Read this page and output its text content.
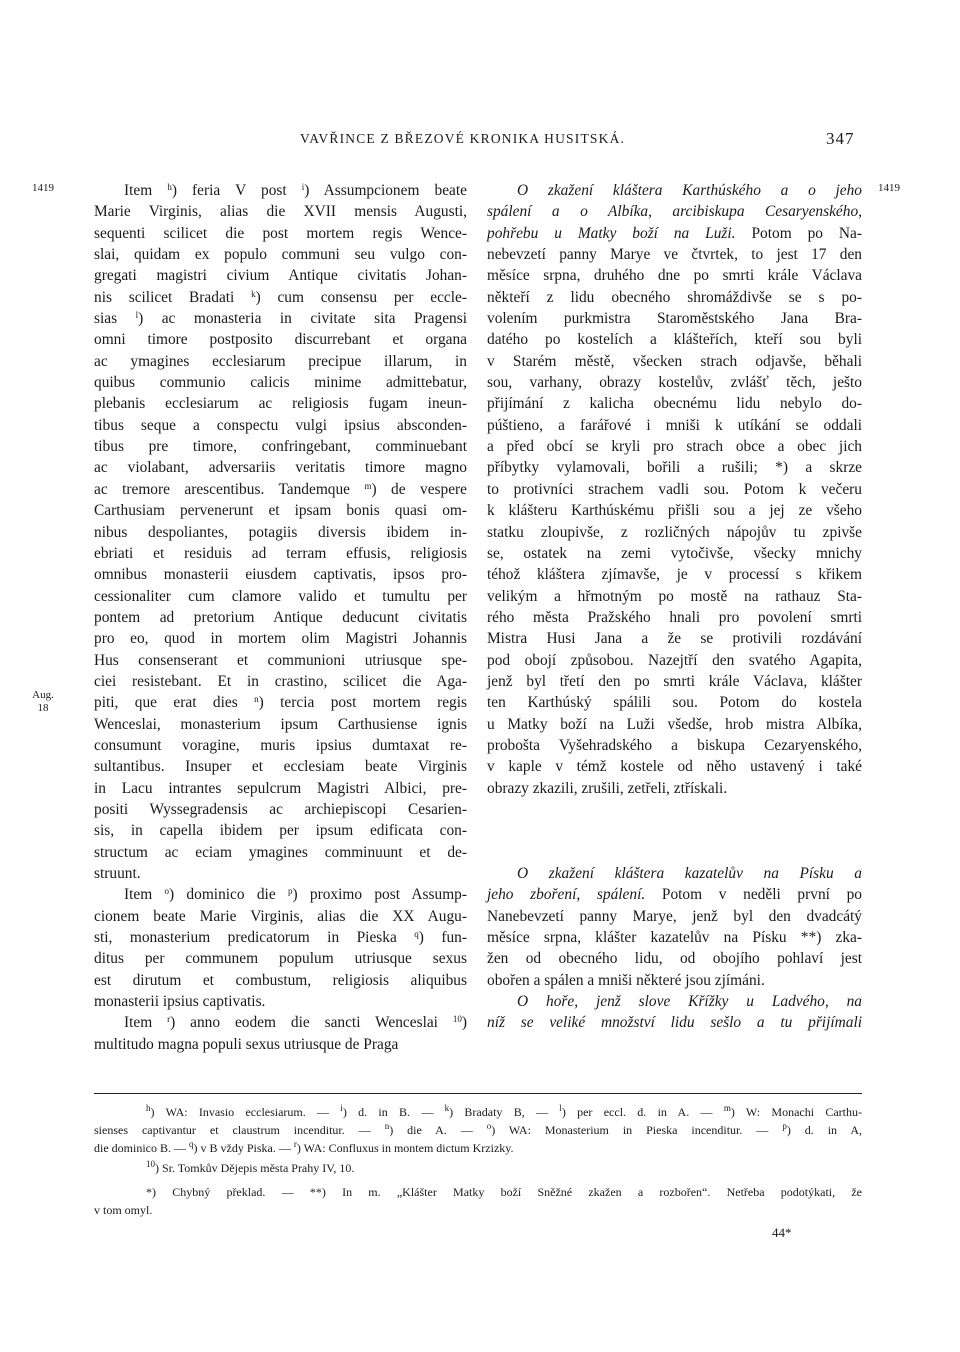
VAVŘINCE Z BŘEZOVÉ KRONIKA HUSITSKÁ.	347
1419	1419
Aug.
18
Item $^h$) feria V post $^i$) Assumpcionem beate
Marie Virginis, alias die XVII mensis Augusti,
sequenti scilicet die post mortem regis Wence-
slai, quidam ex populo communi seu vulgo con-
gregati magistri civium Antique civitatis Johan-
nis scilicet Bradati $^k$) cum consensu per eccle-
sias $^l$) ac monasteria in civitate sita Pragensi
omni timore postposito discurrebant et organa
ac ymagines ecclesiarum precipue illarum, in
quibus communio calicis minime admittebatur,
plebanis ecclesiarum ac religiosis fugam ineun-
tibus seque a conspectu vulgi ipsius absconden-
tibus pre timore, confringebant, comminuebant
ac violabant, adversariis veritatis timore magno
ac tremore arescentibus. Tandemque $^m$) de vespere
Carthusiam pervenerunt et ipsam bonis quasi om-
nibus despoliantes, potagiis diversis ibidem in-
ebriati et residuis ad terram effusis, religiosis
omnibus monasterii eiusdem captivatis, ipsos pro-
cessionaliter cum clamore valido et tumultu per
pontem ad pretorium Antique deducunt civitatis
pro eo, quod in mortem olim Magistri Johannis
Hus consenserant et communioni utriusque spe-
ciei resistebant. Et in crastino, scilicet die Aga-
piti, que erat dies $^n$) tercia post mortem regis
Wenceslai, monasterium ipsum Carthusiense ignis
consumunt voragine, muris ipsius dumtaxat re-
sultantibus. Insuper et ecclesiam beate Virginis
in Lacu intrantes sepulcrum Magistri Albici, pre-
positi Wyssegradensis ac archiepiscopi Cesarien-
sis, in capella ibidem per ipsum edificata con-
structum ac eciam ymagines comminuunt et de-
struunt.
Item $^o$) dominico die $^p$) proximo post Assump-
cionem beate Marie Virginis, alias die XX Augu-
sti, monasterium predicatorum in Pieska $^q$) fun-
ditus per communem populum utriusque sexus
est dirutum et combustum, religiosis aliquibus
monasterii ipsius captivatis.
Item $^r$) anno eodem die sancti Wenceslai $^{10}$)
multitudo magna populi sexus utriusque de Praga
O zkažení kláštera Karthúského a o jeho
spálení a o Albíka, arcibiskupa Cesaryenského,
pohřebu u Matky boží na Luži. Potom po Na-
nebevzetí panny Marye ve čtvrtek, to jest 17 den
měsíce srpna, druhého dne po smrti krále Václava
někteří z lidu obecného shromáždivše se s po-
volením purkmistra Staroměstského Jana Bra-
datého po kostelích a klášteřích, kteří sou byli
v Starém městě, všecken strach odjavše, běhali
sou, varhany, obrazy kostelův, zvlášť těch, ješto
přijímání z kalicha obecnému lidu nebylo do-
púštieno, a farářové i mniši k utíkání se oddali
a před obcí se kryli pro strach obce a obec jich
příbytky vylamovali, bořili a rušili; *) a skrze
to protivníci strachem vadli sou. Potom k večeru
k klášteru Karthúskému přišli sou a jej ze všeho
statku zloupivše, z rozličných nápojův tu zpivše
se, ostatek na zemi vytočivše, všecky mnichy
téhož kláštera zjímavše, je v processí s křikem
velikým a hřmotným po mostě na rathauz Sta-
rého města Pražského hnali pro povolení smrti
Mistra Husi Jana a že se protivili rozdávání
pod obojí způsobou. Nazejtří den svatého Agapita,
jenž byl třetí den po smrti krále Václava, klášter
ten Karthúský spálili sou. Potom do kostela
u Matky boží na Luži všedše, hrob mistra Albíka,
probošta Vyšehradského a biskupa Cezaryenského,
v kaple v témž kostele od něho ustavený i také
obrazy zkazili, zrušili, zetřeli, ztřískali.
O zkažení kláštera kazatelův na Písku a
jeho zboření, spálení. Potom v neděli první po
Nanebevzetí panny Marye, jenž byl den dvadcátý
měsíce srpna, klášter kazatelův na Písku **) zka-
žen od obecného lidu, od obojího pohlaví jest
obořen a spálen a mniši některé jsou zjímáni.
O hoře, jenž slove Křížky u Ladvého, na
níž se veliké množství lidu sešlo a tu přijímali
$^h$) WA: Invasio ecclesiarum. — $^i$) d. in B. — $^k$) Bradaty B, — $^l$) per eccl. d. in A. — $^m$) W: Monachi Carthu-
sienses captivantur et claustrum incenditur. — $^n$) die A. — $^o$) WA: Monasterium in Pieska incenditur. — $^p$) d. in A,
die dominico B. — $^q$) v B vždy Piska. — $^r$) WA: Confluxus in montem dictum Krzizky.
$^{10}$) Sr. Tomkův Dějepis města Prahy IV, 10.
*) Chybný překlad. — **) In m. „Klášter Matky boží Sněžné zkažen a rozbořen“. Netřeba podotýkati, že
v tom omyl.
44*
